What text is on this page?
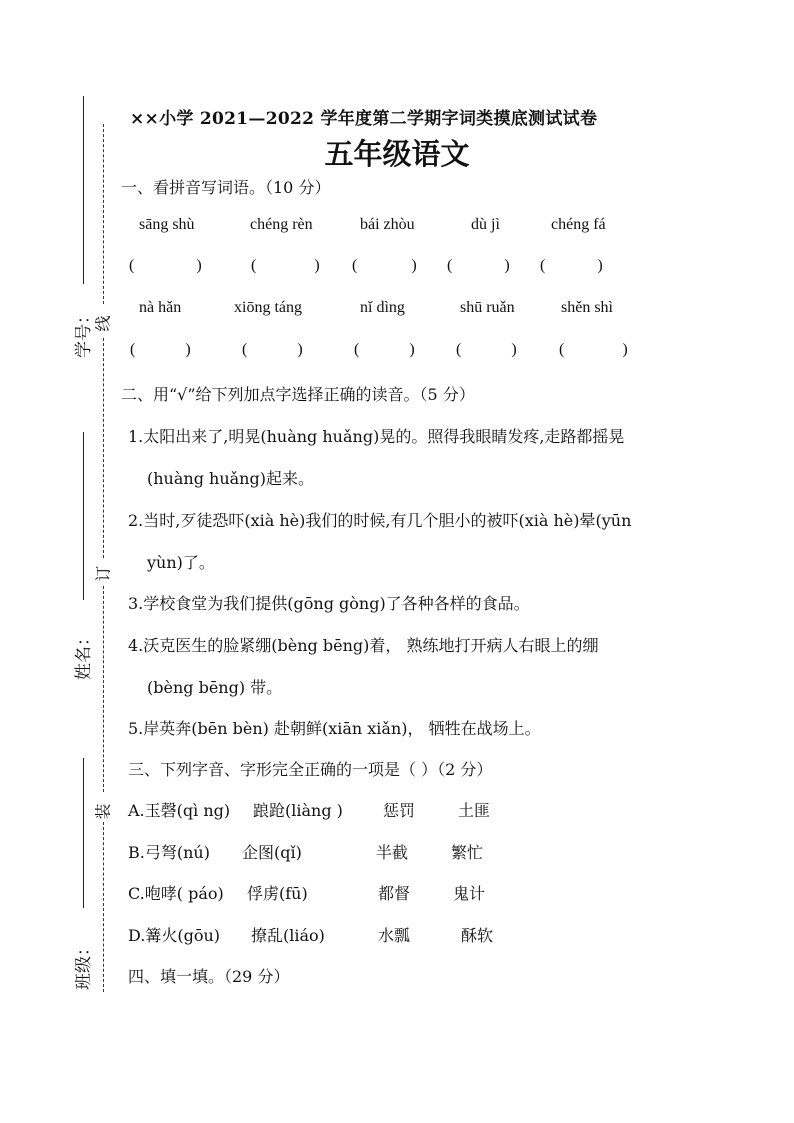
线
订
装
学号：
姓名：
班级：
××小学 2021—2022 学年度第二学期字词类摸底测试试卷
五年级语文
一、看拼音写词语。（10 分）
sāng shù	chéng rèn	bái zhòu	dù jì	chéng fá
(	)	(	) (	) (	) (	)
nà hǎn	xiōng táng	nǐ dìng	shū ruǎn	shěn shì
(	)	(	)	(	)	(	)	(	)
二、用“√”给下列加点字选择正确的读音。（5 分）
1.太阳出来了,明晃(huàng huǎng)晃的。照得我眼睛发疼,走路都摇晃
(huàng huǎng)起来。
2.当时,歹徒恐吓(xià hè)我们的时候,有几个胆小的被吓(xià hè)晕(yūn
yùn)了。
3.学校食堂为我们提供(gōng gòng)了各种各样的食品。
4.沃克医生的脸紧绷(bèng bēng)着， 熟练地打开病人右眼上的绷
(bèng bēng) 带。
5.岸英奔(bēn bèn) 赴朝鲜(xiān xiǎn)， 牺牲在战场上。
三、下列字音、字形完全正确的一项是（ ）（2 分）
A.玉磬(qì ng) 踉跄(liàng )	惩罚	土匪
B.弓弩(nú) 企图(qǐ)	半截	繁忙
C.咆哮( páo) 俘虏(fū)	都督	鬼计
D.篝火(gōu) 撩乱(liáo)	水瓢	酥软
四、填一填。（29 分）
